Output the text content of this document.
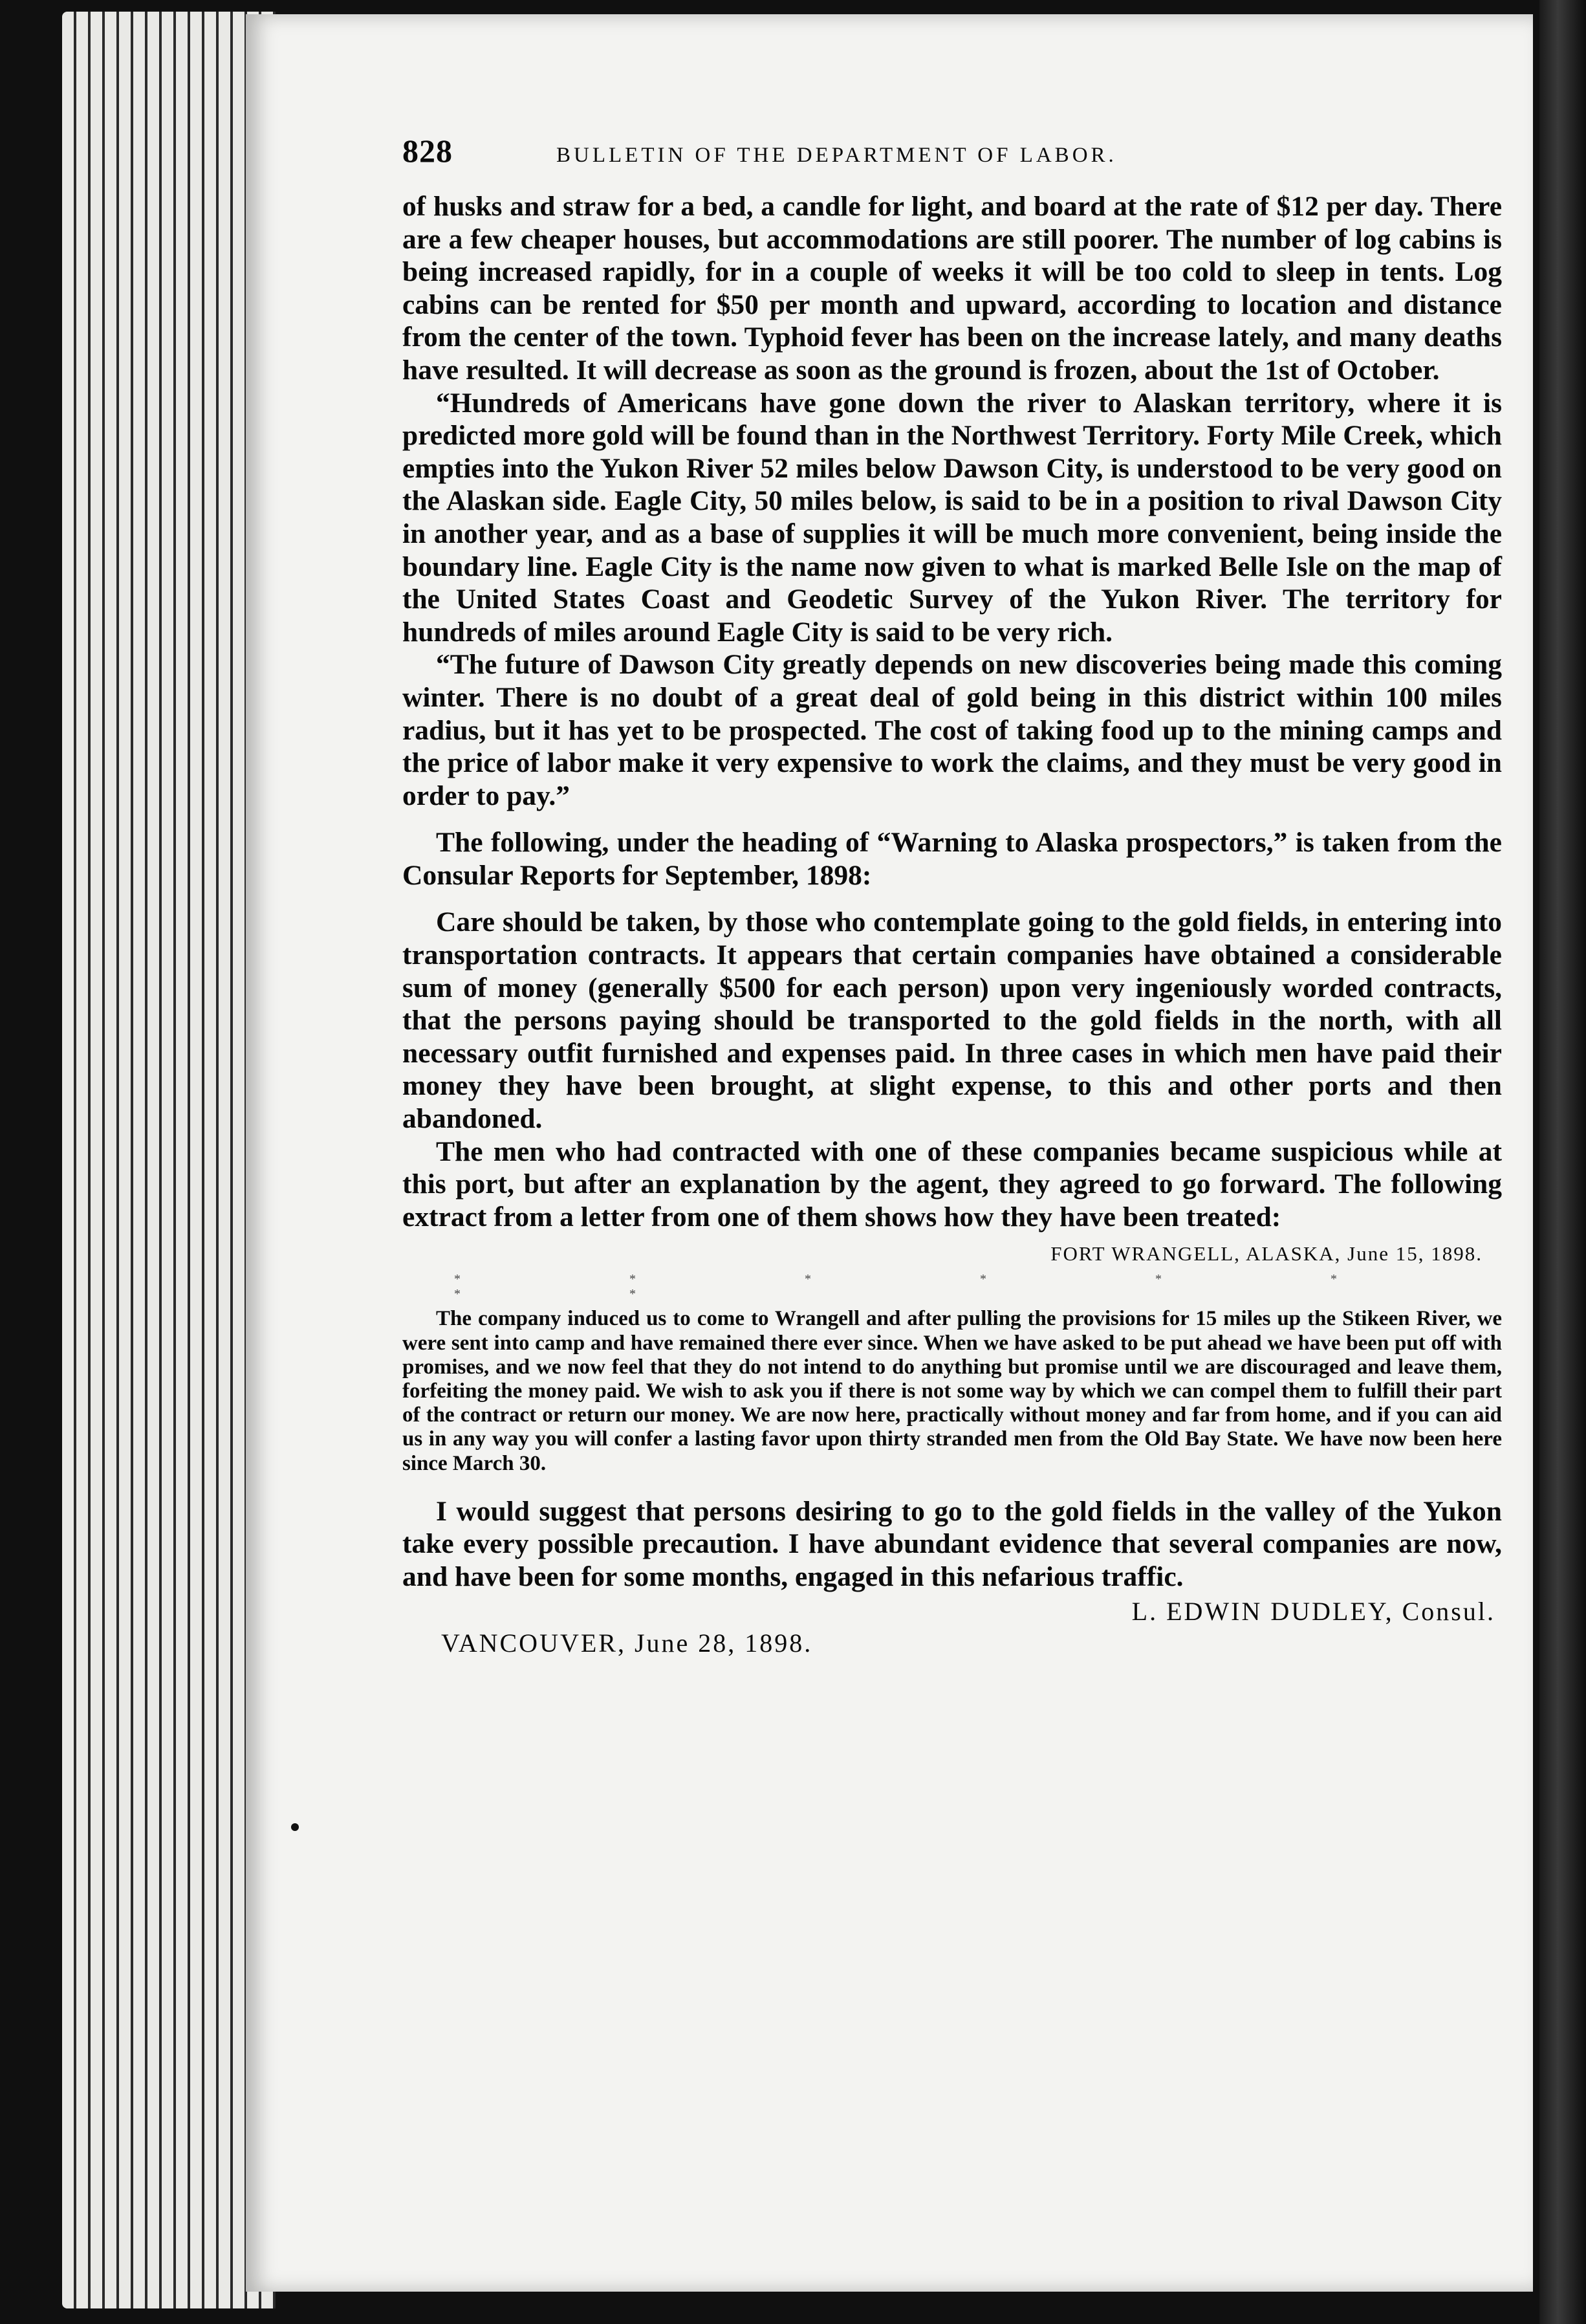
828	BULLETIN OF THE DEPARTMENT OF LABOR.

of husks and straw for a bed, a candle for light, and board at the rate of $12 per day. There are a few cheaper houses, but accommodations are still poorer. The number of log cabins is being increased rapidly, for in a couple of weeks it will be too cold to sleep in tents. Log cabins can be rented for $50 per month and upward, according to location and distance from the center of the town. Typhoid fever has been on the increase lately, and many deaths have resulted. It will decrease as soon as the ground is frozen, about the 1st of October.

“Hundreds of Americans have gone down the river to Alaskan territory, where it is predicted more gold will be found than in the Northwest Territory. Forty Mile Creek, which empties into the Yukon River 52 miles below Dawson City, is understood to be very good on the Alaskan side. Eagle City, 50 miles below, is said to be in a position to rival Dawson City in another year, and as a base of supplies it will be much more convenient, being inside the boundary line. Eagle City is the name now given to what is marked Belle Isle on the map of the United States Coast and Geodetic Survey of the Yukon River. The territory for hundreds of miles around Eagle City is said to be very rich.

“The future of Dawson City greatly depends on new discoveries being made this coming winter. There is no doubt of a great deal of gold being in this district within 100 miles radius, but it has yet to be prospected. The cost of taking food up to the mining camps and the price of labor make it very expensive to work the claims, and they must be very good in order to pay.”

The following, under the heading of “Warning to Alaska prospectors,” is taken from the Consular Reports for September, 1898:

Care should be taken, by those who contemplate going to the gold fields, in entering into transportation contracts. It appears that certain companies have obtained a considerable sum of money (generally $500 for each person) upon very ingeniously worded contracts, that the persons paying should be transported to the gold fields in the north, with all necessary outfit furnished and expenses paid. In three cases in which men have paid their money they have been brought, at slight expense, to this and other ports and then abandoned.

The men who had contracted with one of these companies became suspicious while at this port, but after an explanation by the agent, they agreed to go forward. The following extract from a letter from one of them shows how they have been treated:

FORT WRANGELL, ALASKA, June 15, 1898.
* * * * * * * *

The company induced us to come to Wrangell and after pulling the provisions for 15 miles up the Stikeen River, we were sent into camp and have remained there ever since. When we have asked to be put ahead we have been put off with promises, and we now feel that they do not intend to do anything but promise until we are discouraged and leave them, forfeiting the money paid. We wish to ask you if there is not some way by which we can compel them to fulfill their part of the contract or return our money. We are now here, practically without money and far from home, and if you can aid us in any way you will confer a lasting favor upon thirty stranded men from the Old Bay State. We have now been here since March 30.

I would suggest that persons desiring to go to the gold fields in the valley of the Yukon take every possible precaution. I have abundant evidence that several companies are now, and have been for some months, engaged in this nefarious traffic.

L. EDWIN DUDLEY, Consul.
VANCOUVER, June 28, 1898.
